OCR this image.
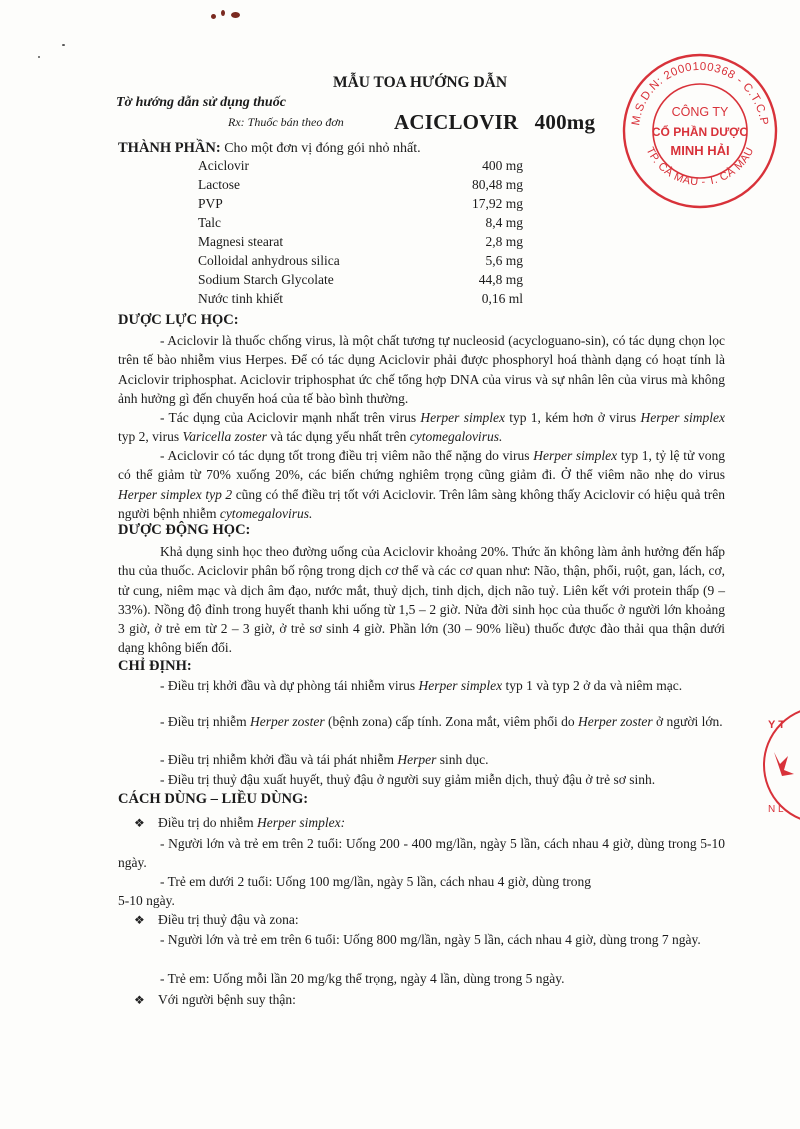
MẪU TOA HƯỚNG DẪN
Tờ hướng dẫn sử dụng thuốc
Rx: Thuốc bán theo đơn ACICLOVIR   400mg	M.S.D.N: 2000100368 - C.T.C.P
TP. CÀ MAU - T. CÀ MAU
CÔNG TY
CỔ PHẦN DƯỢC
MINH HẢI
Y T
N L
THÀNH PHẦN: Cho một đơn vị đóng gói nhỏ nhất.
Aciclovir	400 mg
Lactose	80,48 mg
PVP	17,92 mg
Talc	8,4 mg
Magnesi stearat	2,8 mg
Colloidal anhydrous silica	5,6 mg
Sodium Starch Glycolate	44,8 mg
Nước tinh khiết	0,16 ml
DƯỢC LỰC HỌC:
- Aciclovir là thuốc chống virus, là một chất tương tự nucleosid (acycloguano-sin), có tác dụng chọn lọc trên tế bào nhiễm vius Herpes. Để có tác dụng Aciclovir phải được phosphoryl hoá thành dạng có hoạt tính là Aciclovir triphosphat. Aciclovir triphosphat ức chế tổng hợp DNA của virus và sự nhân lên của virus mà không ảnh hưởng gì đến chuyển hoá của tế bào bình thường.
- Tác dụng của Aciclovir mạnh nhất trên virus Herper simplex typ 1, kém hơn ở virus Herper simplex typ 2, virus Varicella zoster và tác dụng yếu nhất trên cytomegalovirus.
- Aciclovir có tác dụng tốt trong điều trị viêm não thể nặng do virus Herper simplex typ 1, tỷ lệ tử vong có thể giảm từ 70% xuống 20%, các biến chứng nghiêm trọng cũng giảm đi. Ở thể viêm não nhẹ do virus Herper simplex typ 2 cũng có thể điều trị tốt với Aciclovir. Trên lâm sàng không thấy Aciclovir có hiệu quả trên người bệnh nhiễm cytomegalovirus.
DƯỢC ĐỘNG HỌC:
Khả dụng sinh học theo đường uống của Aciclovir khoảng 20%. Thức ăn không làm ảnh hưởng đến hấp thu của thuốc. Aciclovir phân bố rộng trong dịch cơ thể và các cơ quan như: Não, thận, phổi, ruột, gan, lách, cơ, tử cung, niêm mạc và dịch âm đạo, nước mắt, thuỷ dịch, tinh dịch, dịch não tuỷ. Liên kết với protein thấp (9 – 33%). Nồng độ đỉnh trong huyết thanh khi uống từ 1,5 – 2 giờ. Nửa đời sinh học của thuốc ở người lớn khoảng 3 giờ, ở trẻ em từ 2 – 3 giờ, ở trẻ sơ sinh 4 giờ. Phần lớn (30 – 90% liều) thuốc được đào thải qua thận dưới dạng không biến đổi.
CHỈ ĐỊNH:
- Điều trị khởi đầu và dự phòng tái nhiễm virus Herper simplex typ 1 và typ 2 ở da và niêm mạc.
- Điều trị nhiễm Herper zoster (bệnh zona) cấp tính. Zona mắt, viêm phổi do Herper zoster ở người lớn.
- Điều trị nhiễm khởi đầu và tái phát nhiễm Herper sinh dục.
- Điều trị thuỷ đậu xuất huyết, thuỷ đậu ở người suy giảm miễn dịch, thuỷ đậu ở trẻ sơ sinh.
CÁCH DÙNG – LIỀU DÙNG:
❖ Điều trị do nhiễm Herper simplex:
- Người lớn và trẻ em trên 2 tuổi: Uống 200 - 400 mg/lần, ngày 5 lần, cách nhau 4 giờ, dùng trong 5-10 ngày.
- Trẻ em dưới 2 tuổi: Uống 100 mg/lần, ngày 5 lần, cách nhau 4 giờ, dùng trong
5-10 ngày.
❖ Điều trị thuỷ đậu và zona:
- Người lớn và trẻ em trên 6 tuổi: Uống 800 mg/lần, ngày 5 lần, cách nhau 4 giờ, dùng trong 7 ngày.
- Trẻ em: Uống mỗi lần 20 mg/kg thể trọng, ngày 4 lần, dùng trong 5 ngày.
❖ Với người bệnh suy thận:
